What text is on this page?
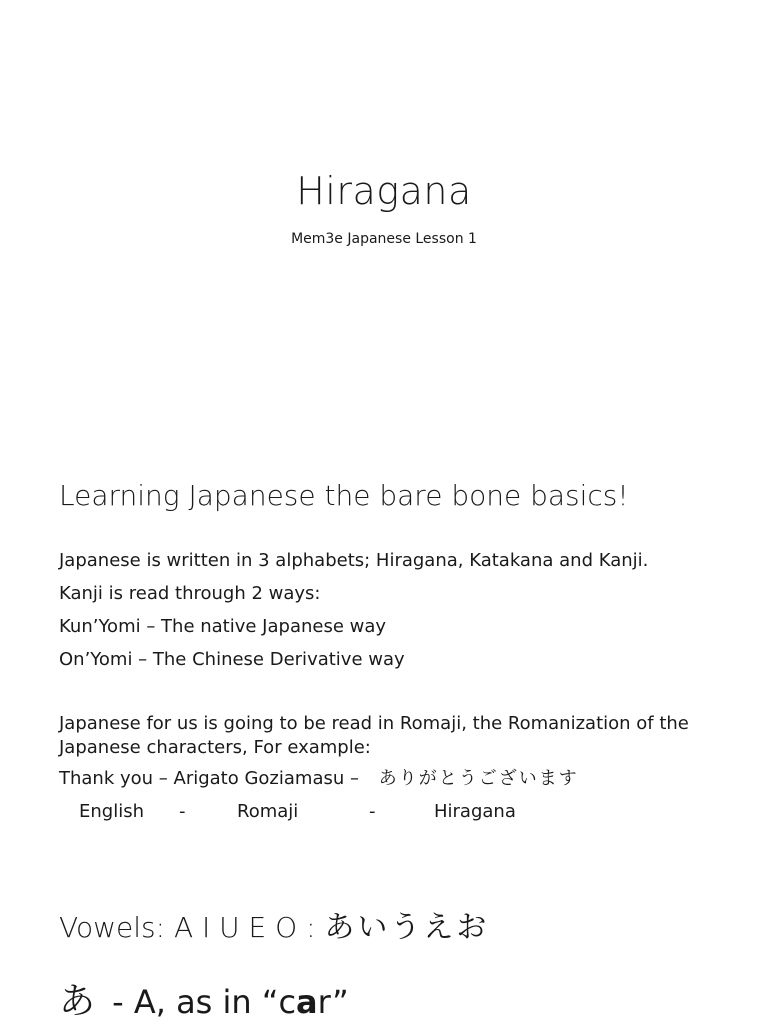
Hiragana
Mem3e Japanese Lesson 1
Learning Japanese the bare bone basics!
Japanese is written in 3 alphabets; Hiragana, Katakana and Kanji.
Kanji is read through 2 ways:
Kun’Yomi – The native Japanese way
On’Yomi – The Chinese Derivative way
Japanese for us is going to be read in Romaji, the Romanization of the
Japanese characters, For example:
Thank you – Arigato Goziamasu – ありがとうございます
English -	Romaji	-	Hiragana
Vowels: A I U E O : あいうえお
あ - A, as in “car”
